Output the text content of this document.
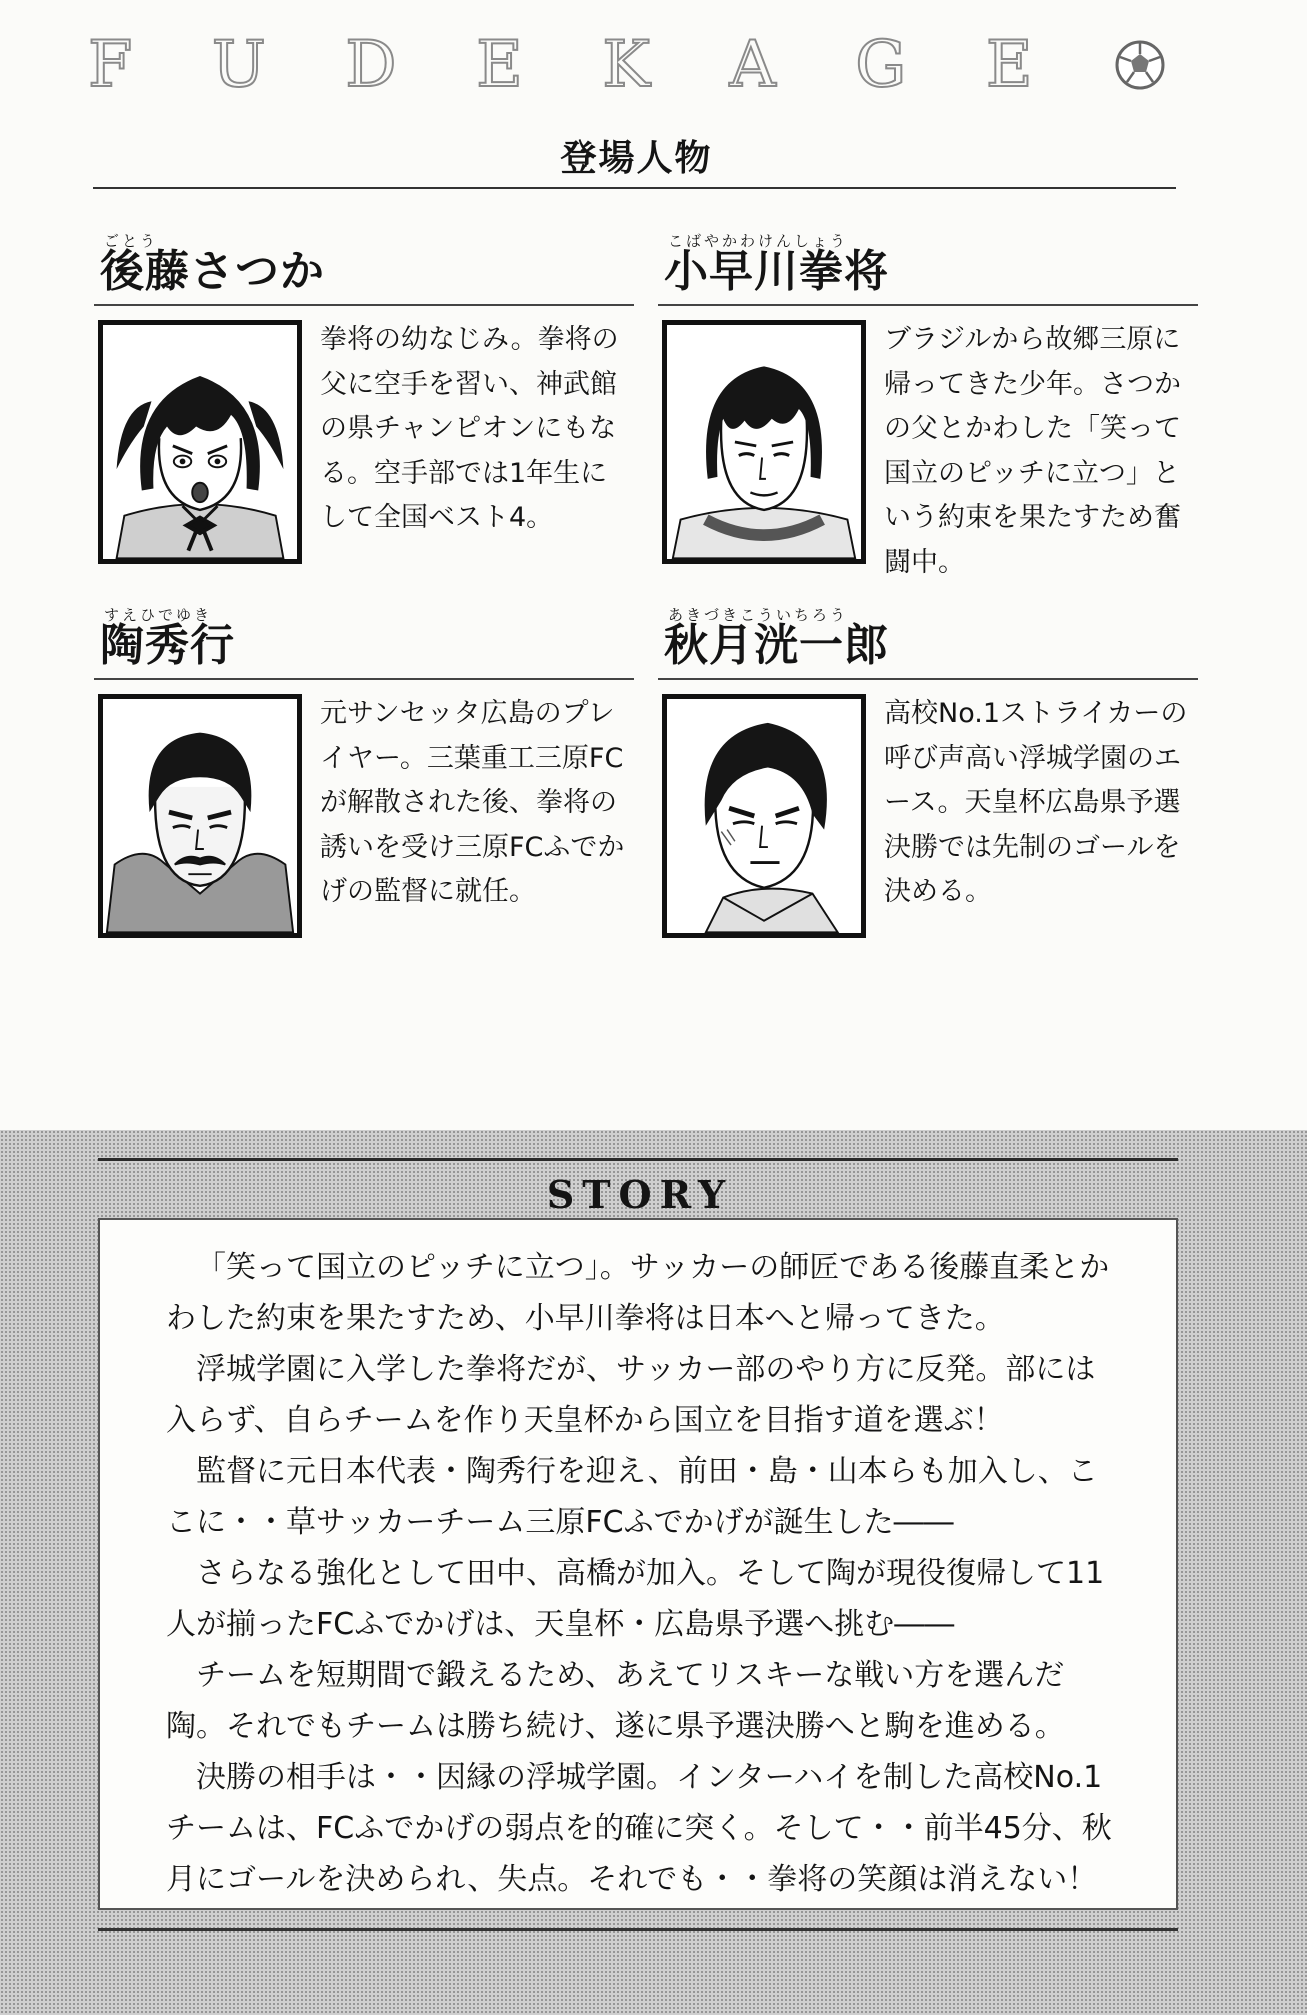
F U D E K A G E
登場人物
ごとう
後藤さつか

拳将の幼なじみ。拳将の父に空手を習い、神武館の県チャンピオンにもなる。空手部では1年生にして全国ベスト4。

こばやかわけんしょう
小早川拳将

ブラジルから故郷三原に帰ってきた少年。さつかの父とかわした「笑って国立のピッチに立つ」という約束を果たすため奮闘中。

すえひでゆき
陶秀行

元サンセッタ広島のプレイヤー。三葉重工三原FCが解散された後、拳将の誘いを受け三原FCふでかげの監督に就任。

あきづきこういちろう
秋月洸一郎

高校No.1ストライカーの呼び声高い浮城学園のエース。天皇杯広島県予選決勝では先制のゴールを決める。

STORY

「笑って国立のピッチに立つ」。サッカーの師匠である後藤直柔とかわした約束を果たすため、小早川拳将は日本へと帰ってきた。

浮城学園に入学した拳将だが、サッカー部のやり方に反発。部には入らず、自らチームを作り天皇杯から国立を目指す道を選ぶ！

監督に元日本代表・陶秀行を迎え、前田・島・山本らも加入し、ここに・・草サッカーチーム三原FCふでかげが誕生した――

さらなる強化として田中、高橋が加入。そして陶が現役復帰して11人が揃ったFCふでかげは、天皇杯・広島県予選へ挑む――

チームを短期間で鍛えるため、あえてリスキーな戦い方を選んだ陶。それでもチームは勝ち続け、遂に県予選決勝へと駒を進める。

決勝の相手は・・因縁の浮城学園。インターハイを制した高校No.1チームは、FCふでかげの弱点を的確に突く。そして・・前半45分、秋月にゴールを決められ、失点。それでも・・拳将の笑顔は消えない！
